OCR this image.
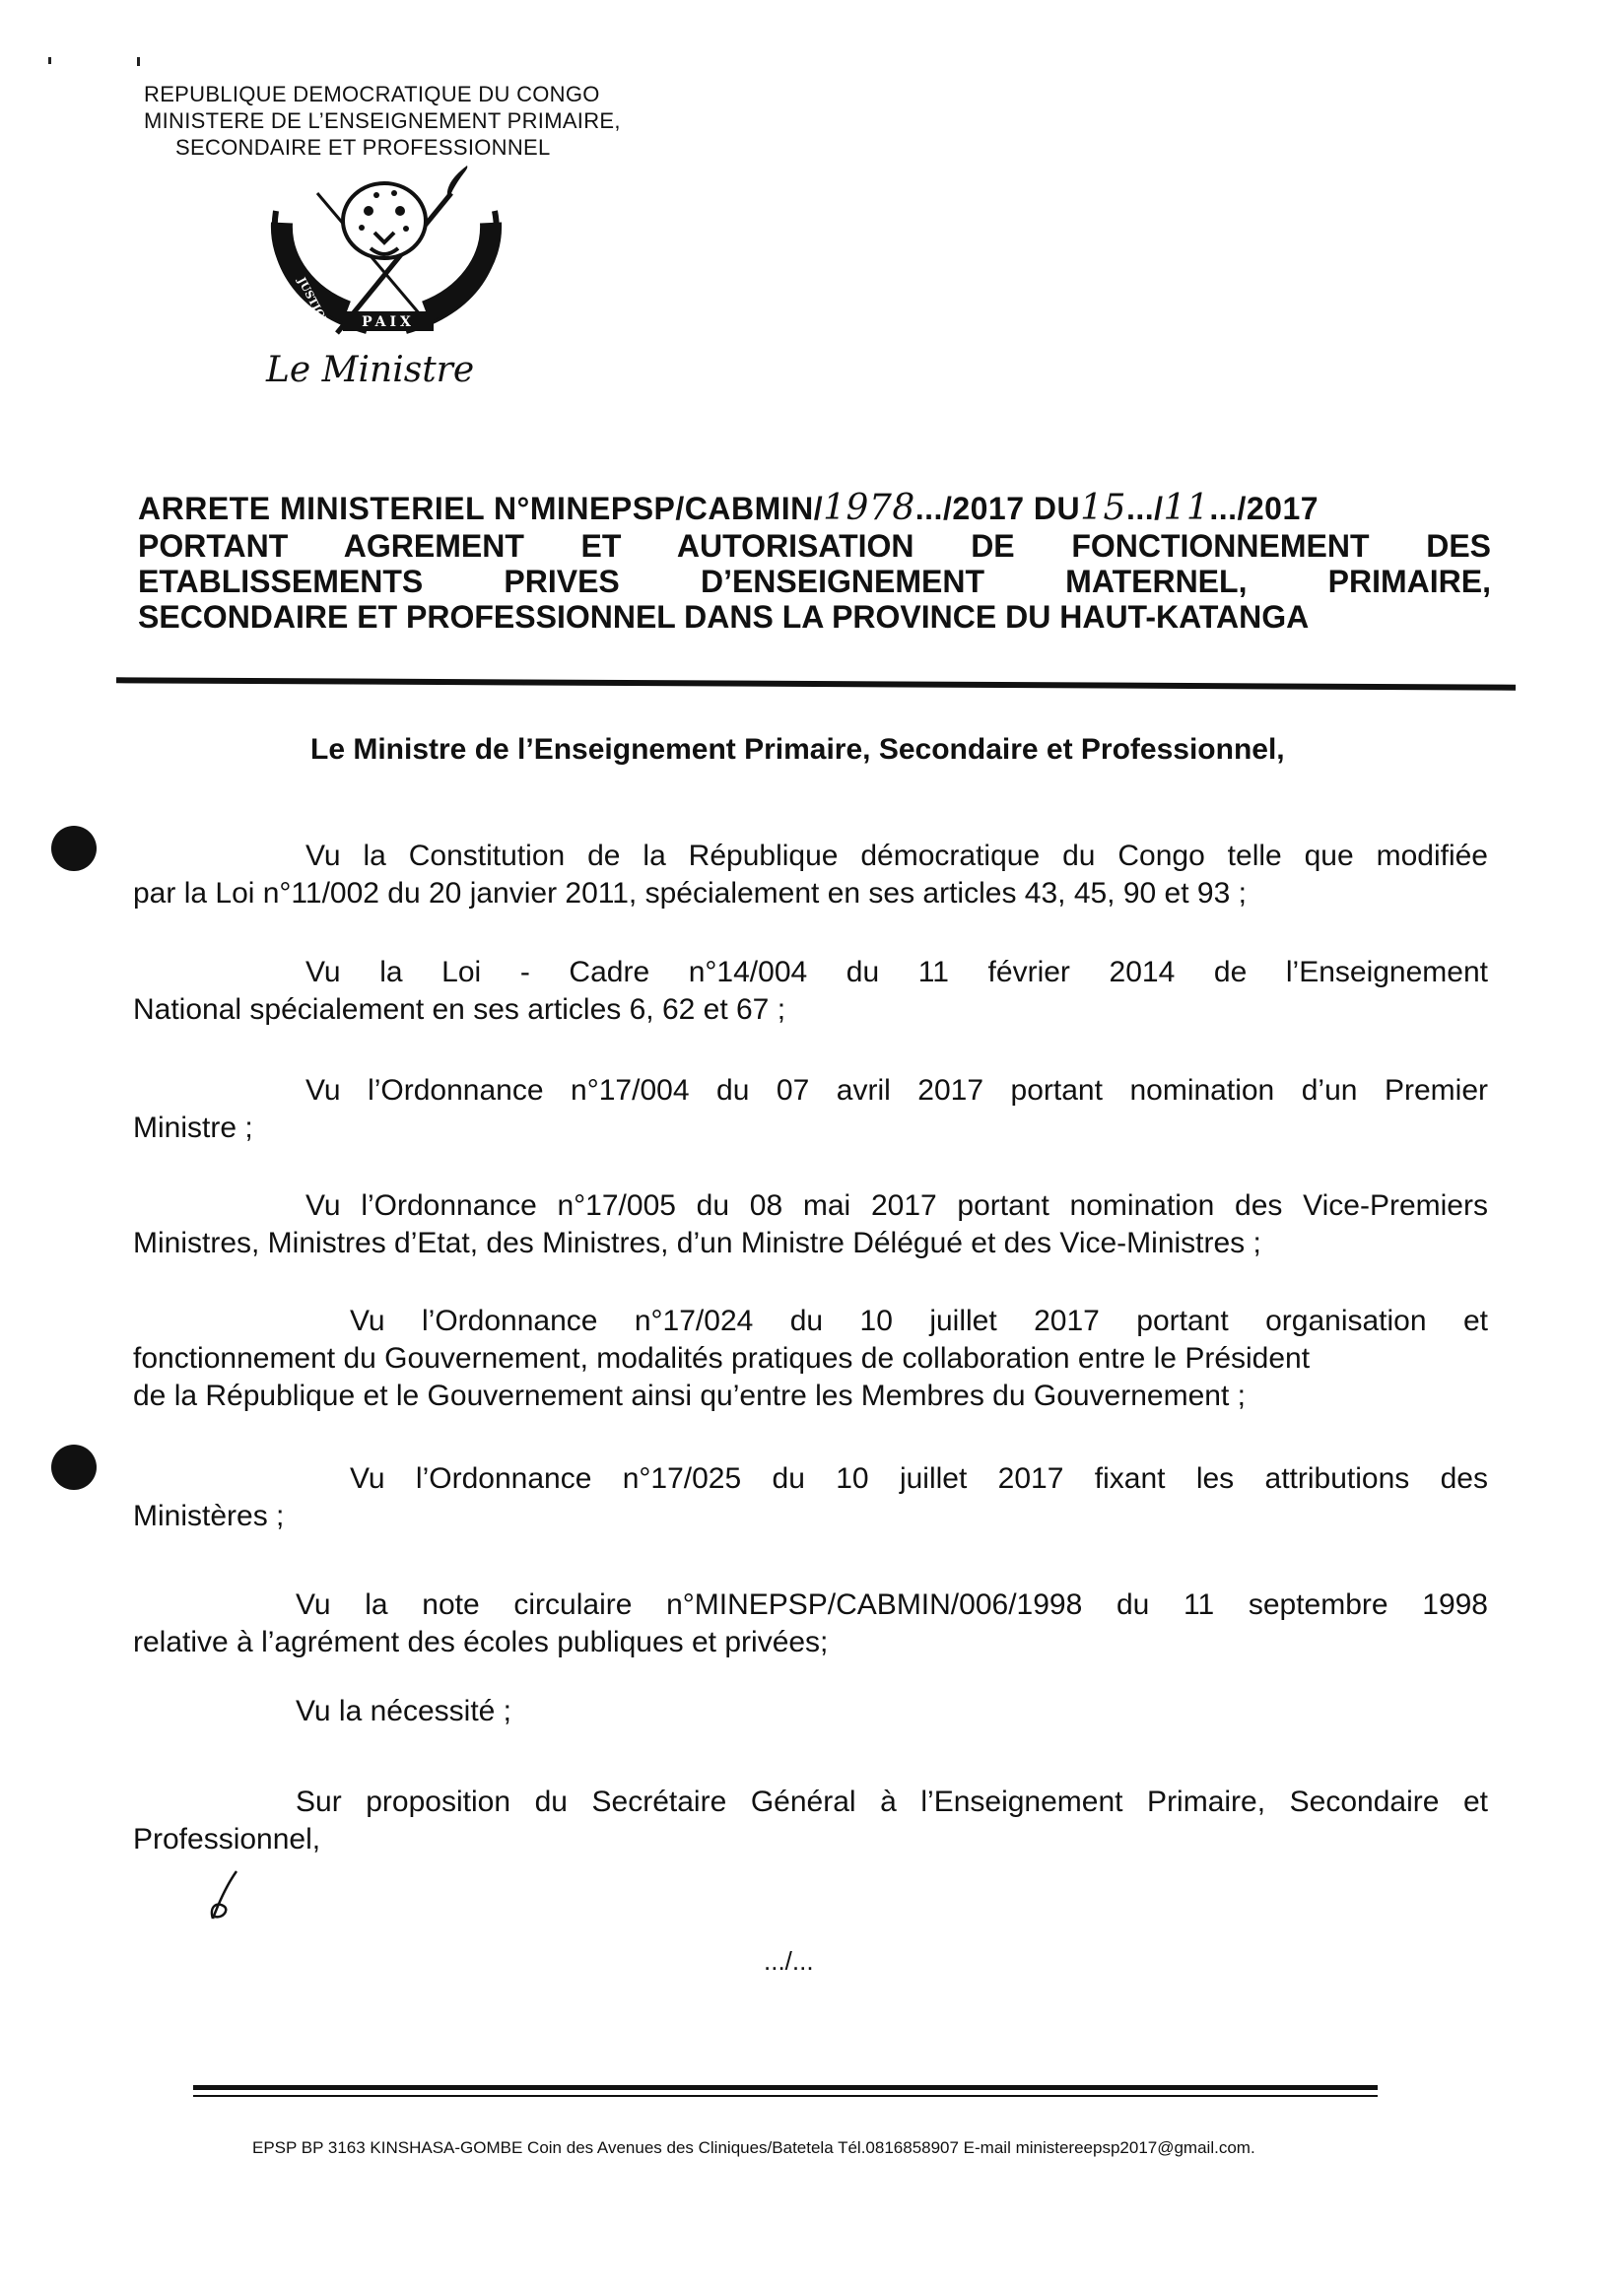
REPUBLIQUE DEMOCRATIQUE DU CONGO
MINISTERE DE L’ENSEIGNEMENT PRIMAIRE,
SECONDAIRE ET PROFESSIONNEL
PAIX
JUSTICE
TRAVAIL
Le Ministre
ARRETE MINISTERIEL N°MINEPSP/CABMIN/1978.../2017 DU15.../11.../2017
PORTANT AGREMENT ET AUTORISATION DE FONCTIONNEMENT DES
ETABLISSEMENTS PRIVES D’ENSEIGNEMENT MATERNEL, PRIMAIRE,
SECONDAIRE ET PROFESSIONNEL DANS LA PROVINCE DU HAUT-KATANGA
Le Ministre de l’Enseignement Primaire, Secondaire et Professionnel,
Vu la Constitution de la République démocratique du Congo telle que modifiée
par la Loi n°11/002 du 20 janvier 2011, spécialement en ses articles 43, 45, 90 et 93 ;
Vu la Loi - Cadre n°14/004 du 11 février 2014 de l’Enseignement
National spécialement en ses articles 6, 62 et 67 ;
Vu l’Ordonnance n°17/004 du 07 avril 2017 portant nomination d’un Premier
Ministre ;
Vu l’Ordonnance n°17/005 du 08 mai 2017 portant nomination des Vice-Premiers
Ministres, Ministres d’Etat, des Ministres, d’un Ministre Délégué et des Vice-Ministres ;
Vu l’Ordonnance n°17/024 du 10 juillet 2017 portant organisation et
fonctionnement du Gouvernement, modalités pratiques de collaboration entre le Président
de la République et le Gouvernement ainsi qu’entre les Membres du Gouvernement ;
Vu l’Ordonnance n°17/025 du 10 juillet 2017 fixant les attributions des
Ministères ;
Vu la note circulaire n°MINEPSP/CABMIN/006/1998 du 11 septembre 1998
relative à l’agrément des écoles publiques et privées;
Vu la nécessité ;
Sur proposition du Secrétaire Général à l’Enseignement Primaire, Secondaire et
Professionnel,
.../...
EPSP BP 3163 KINSHASA-GOMBE Coin des Avenues des Cliniques/Batetela Tél.0816858907 E-mail ministereepsp2017@gmail.com.
